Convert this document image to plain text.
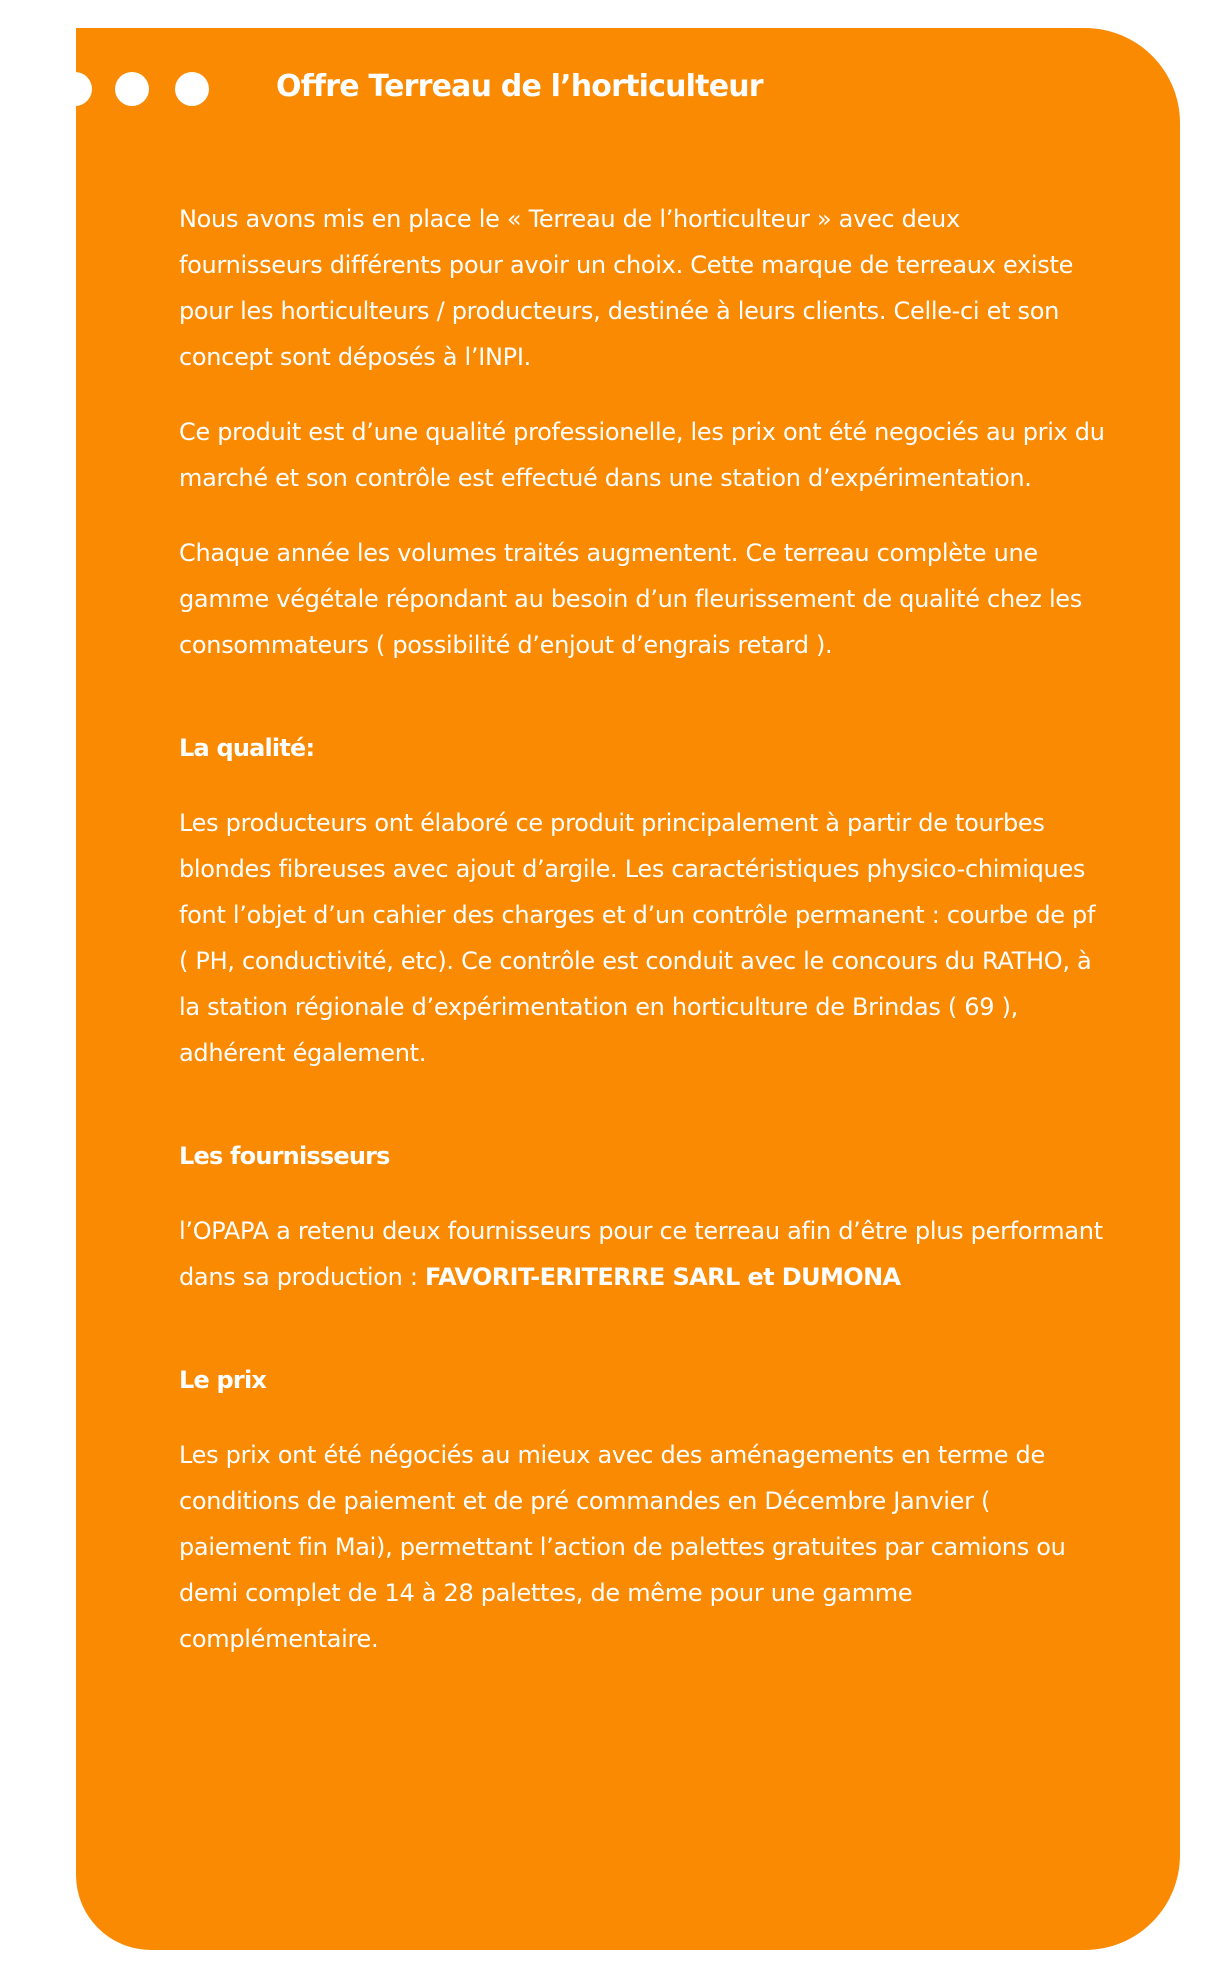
Offre Terreau de l’horticulteur

Nous avons mis en place le « Terreau de l’horticulteur » avec deux fournisseurs différents pour avoir un choix. Cette marque de terreaux existe pour les horticulteurs / producteurs, destinée à leurs clients. Celle-ci et son concept sont déposés à l’INPI.

Ce produit est d’une qualité professionelle, les prix ont été negociés au prix du marché et son contrôle est effectué dans une station d’expérimentation.

Chaque année les volumes traités augmentent. Ce terreau complète une gamme végétale répondant au besoin d’un fleurissement de qualité chez les consommateurs ( possibilité d’enjout d’engrais retard ).

La qualité:

Les producteurs ont élaboré ce produit principalement à partir de tourbes blondes fibreuses avec ajout d’argile. Les caractéristiques physico-chimiques font l’objet d’un cahier des charges et d’un contrôle permanent : courbe de pf ( PH, conductivité, etc). Ce contrôle est conduit avec le concours du RATHO, à la station régionale d’expérimentation en horticulture de Brindas ( 69 ), adhérent également.

Les fournisseurs

l’OPAPA a retenu deux fournisseurs pour ce terreau afin d’être plus performant dans sa production : FAVORIT-ERITERRE SARL et DUMONA

Le prix

Les prix ont été négociés au mieux avec des aménagements en terme de conditions de paiement et de pré commandes en Décembre Janvier ( paiement fin Mai), permettant l’action de palettes gratuites par camions ou demi complet de 14 à 28 palettes, de même pour une gamme complémentaire.
